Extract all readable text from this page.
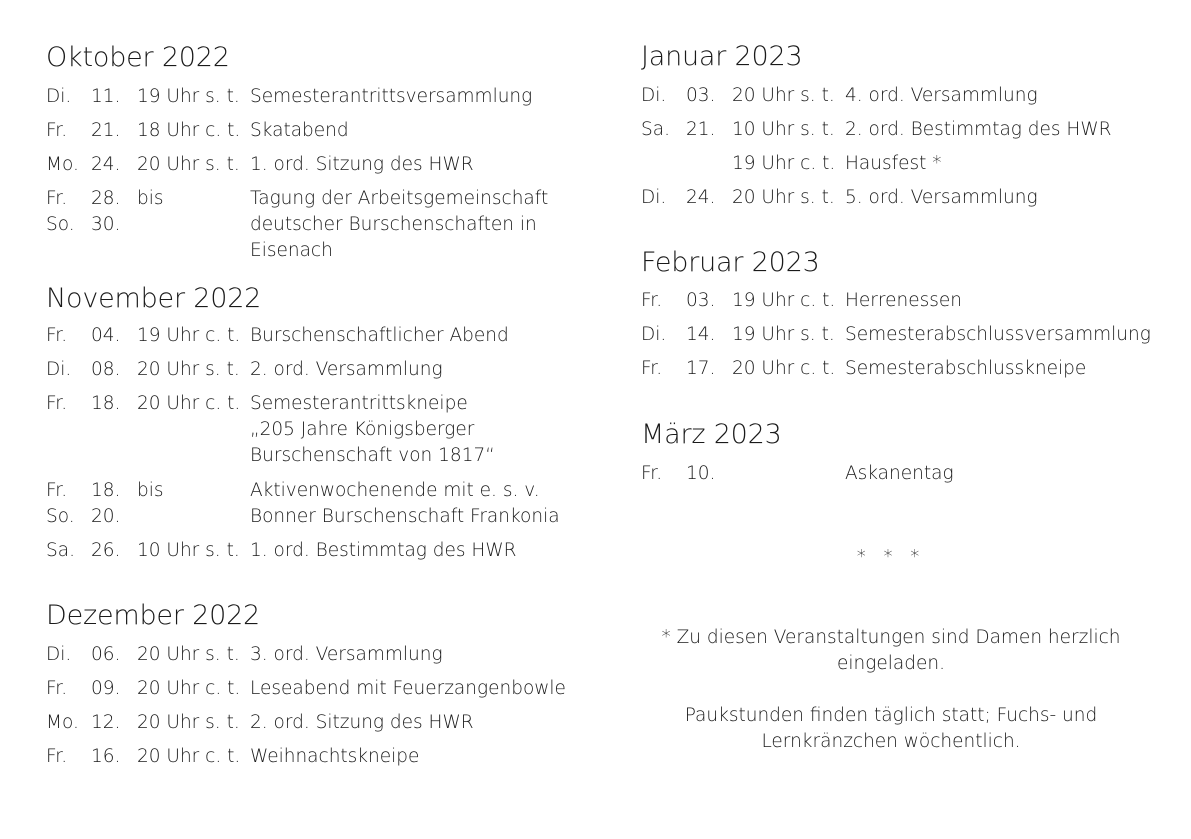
Oktober 2022
Di. 11. 19 Uhr s. t. Semesterantrittsversammlung
Fr. 21. 18 Uhr c. t. Skatabend
Mo. 24. 20 Uhr s. t. 1. ord. Sitzung des HWR
Fr. 28. bis	Tagung der Arbeitsgemeinschaft
So. 30.	deutscher Burschenschaften in
Eisenach
November 2022
Fr. 04. 19 Uhr c. t. Burschenschaftlicher Abend
Di. 08. 20 Uhr s. t. 2. ord. Versammlung
Fr. 18. 20 Uhr c. t. Semesterantrittskneipe
„205 Jahre Königsberger
Burschenschaft von 1817“
Fr. 18. bis	Aktivenwochenende mit e. s. v.
So. 20.	Bonner Burschenschaft Frankonia
Sa. 26. 10 Uhr s. t. 1. ord. Bestimmtag des HWR
Dezember 2022
Di. 06. 20 Uhr s. t. 3. ord. Versammlung
Fr. 09. 20 Uhr c. t. Leseabend mit Feuerzangenbowle
Mo. 12. 20 Uhr s. t. 2. ord. Sitzung des HWR
Fr. 16. 20 Uhr c. t. Weihnachtskneipe
Januar 2023
Di. 03. 20 Uhr s. t. 4. ord. Versammlung
Sa. 21. 10 Uhr s. t. 2. ord. Bestimmtag des HWR
19 Uhr c. t. Hausfest *
Di. 24. 20 Uhr s. t. 5. ord. Versammlung
Februar 2023
Fr. 03. 19 Uhr c. t. Herrenessen
Di. 14. 19 Uhr s. t. Semesterabschlussversammlung
Fr. 17. 20 Uhr c. t. Semesterabschlusskneipe
März 2023
Fr. 10.	Askanentag
* * *
* Zu diesen Veranstaltungen sind Damen herzlich
eingeladen.
Paukstunden finden täglich statt; Fuchs- und
Lernkränzchen wöchentlich.
